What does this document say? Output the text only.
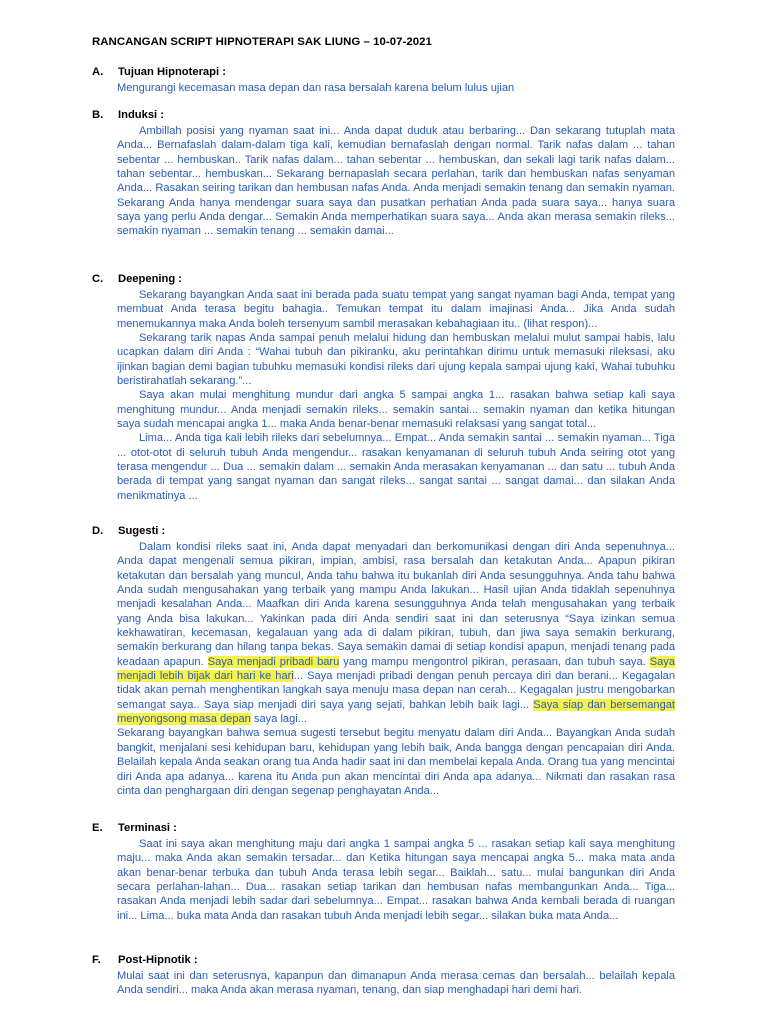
RANCANGAN SCRIPT HIPNOTERAPI SAK LIUNG – 10-07-2021
A. Tujuan Hipnoterapi :

Mengurangi kecemasan masa depan dan rasa bersalah karena belum lulus ujian

B. Induksi :

Ambillah posisi yang nyaman saat ini... Anda dapat duduk atau berbaring... Dan sekarang tutuplah mata Anda... Bernafaslah dalam-dalam tiga kali, kemudian bernafaslah dengan normal. Tarik nafas dalam ... tahan sebentar ... hembuskan.. Tarik nafas dalam... tahan sebentar ... hembuskan, dan sekali lagi tarik nafas dalam... tahan sebentar... hembuskan... Sekarang bernapaslah secara perlahan, tarik dan hembuskan nafas senyaman Anda... Rasakan seiring tarikan dan hembusan nafas Anda. Anda menjadi semakin tenang dan semakin nyaman. Sekarang Anda hanya mendengar suara saya dan pusatkan perhatian Anda pada suara saya... hanya suara saya yang perlu Anda dengar... Semakin Anda memperhatikan suara saya... Anda akan merasa semakin rileks... semakin nyaman ... semakin tenang ... semakin damai...

C. Deepening :

Sekarang bayangkan Anda saat ini berada pada suatu tempat yang sangat nyaman bagi Anda, tempat yang membuat Anda terasa begitu bahagia.. Temukan tempat itu dalam imajinasi Anda... Jika Anda sudah menemukannya maka Anda boleh tersenyum sambil merasakan kebahagiaan itu.. (lihat respon)...

Sekarang tarik napas Anda sampai penuh melalui hidung dan hembuskan melalui mulut sampai habis, lalu ucapkan dalam diri Anda : “Wahai tubuh dan pikiranku, aku perintahkan dirimu untuk memasuki rileksasi, aku ijinkan bagian demi bagian tubuhku memasuki kondisi rileks dari ujung kepala sampai ujung kaki, Wahai tubuhku beristirahatlah sekarang.”...

Saya akan mulai menghitung mundur dari angka 5 sampai angka 1... rasakan bahwa setiap kali saya menghitung mundur... Anda menjadi semakin rileks... semakin santai... semakin nyaman dan ketika hitungan saya sudah mencapai angka 1... maka Anda benar-benar memasuki relaksasi yang sangat total...

Lima... Anda tiga kali lebih rileks dari sebelumnya... Empat... Anda semakin santai ... semakin nyaman... Tiga ... otot-otot di seluruh tubuh Anda mengendur... rasakan kenyamanan di seluruh tubuh Anda seiring otot yang terasa mengendur ... Dua ... semakin dalam ... semakin Anda merasakan kenyamanan ... dan satu ... tubuh Anda berada di tempat yang sangat nyaman dan sangat rileks... sangat santai ... sangat damai... dan silakan Anda menikmatinya ...

D. Sugesti :

Dalam kondisi rileks saat ini, Anda dapat menyadari dan berkomunikasi dengan diri Anda sepenuhnya... Anda dapat mengenali semua pikiran, impian, ambisi, rasa bersalah dan ketakutan Anda... Apapun pikiran ketakutan dan bersalah yang muncul, Anda tahu bahwa itu bukanlah diri Anda sesungguhnya. Anda tahu bahwa Anda sudah mengusahakan yang terbaik yang mampu Anda lakukan... Hasil ujian Anda tidaklah sepenuhnya menjadi kesalahan Anda... Maafkan diri Anda karena sesungguhnya Anda telah mengusahakan yang terbaik yang Anda bisa lakukan... Yakinkan pada diri Anda sendiri saat ini dan seterusnya “Saya izinkan semua kekhawatiran, kecemasan, kegalauan yang ada di dalam pikiran, tubuh, dan jiwa saya semakin berkurang, semakin berkurang dan hilang tanpa bekas. Saya semakin damai di setiap kondisi apapun, menjadi tenang pada keadaan apapun. Saya menjadi pribadi baru yang mampu mengontrol pikiran, perasaan, dan tubuh saya. Saya menjadi lebih bijak dari hari ke hari... Saya menjadi pribadi dengan penuh percaya diri dan berani... Kegagalan tidak akan pernah menghentikan langkah saya menuju masa depan nan cerah... Kegagalan justru mengobarkan semangat saya.. Saya siap menjadi diri saya yang sejati, bahkan lebih baik lagi... Saya siap dan bersemangat menyongsong masa depan saya lagi...

Sekarang bayangkan bahwa semua sugesti tersebut begitu menyatu dalam diri Anda... Bayangkan Anda sudah bangkit, menjalani sesi kehidupan baru, kehidupan yang lebih baik, Anda bangga dengan pencapaian diri Anda. Belailah kepala Anda seakan orang tua Anda hadir saat ini dan membelai kepala Anda. Orang tua yang mencintai diri Anda apa adanya... karena itu Anda pun akan mencintai diri Anda apa adanya... Nikmati dan rasakan rasa cinta dan penghargaan diri dengan segenap penghayatan Anda...

E. Terminasi :

Saat ini saya akan menghitung maju dari angka 1 sampai angka 5 ... rasakan setiap kali saya menghitung maju... maka Anda akan semakin tersadar... dan Ketika hitungan saya mencapai angka 5... maka mata anda akan benar-benar terbuka dan tubuh Anda terasa lebih segar... Baiklah... satu... mulai bangunkan diri Anda secara perlahan-lahan... Dua... rasakan setiap tarikan dan hembusan nafas membangunkan Anda... Tiga... rasakan Anda menjadi lebih sadar dari sebelumnya... Empat... rasakan bahwa Anda kembali berada di ruangan ini... Lima... buka mata Anda dan rasakan tubuh Anda menjadi lebih segar... silakan buka mata Anda...

F. Post-Hipnotik :

Mulai saat ini dan seterusnya, kapanpun dan dimanapun Anda merasa cemas dan bersalah... belailah kepala Anda sendiri... maka Anda akan merasa nyaman, tenang, dan siap menghadapi hari demi hari.
